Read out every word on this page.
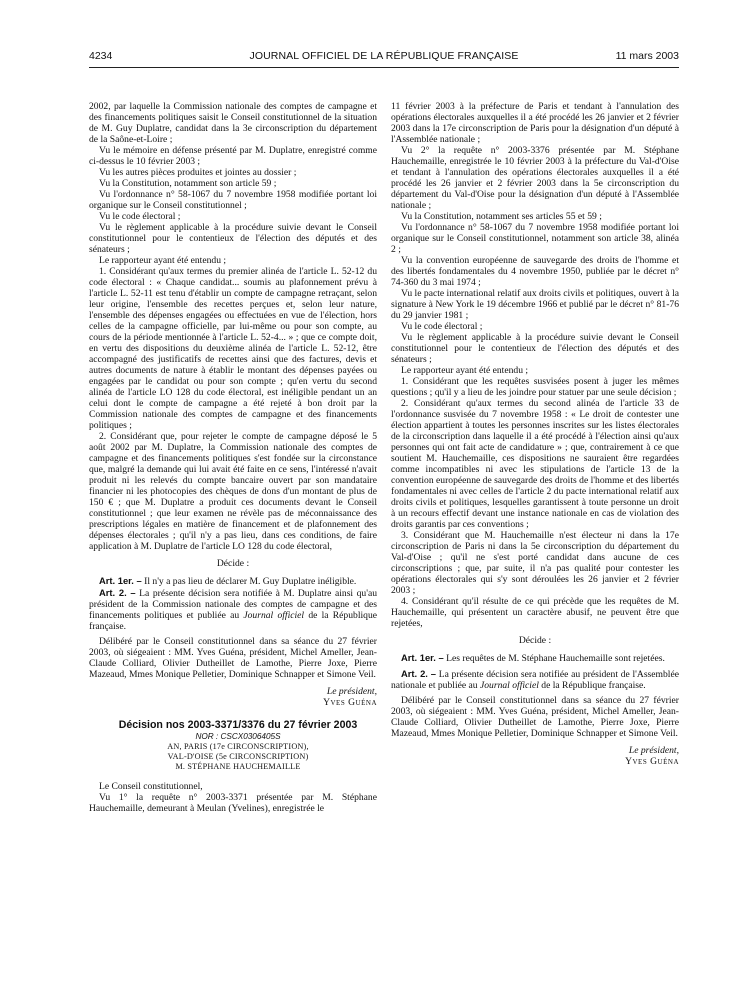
4234	JOURNAL OFFICIEL DE LA RÉPUBLIQUE FRANÇAISE	11 mars 2003

2002, par laquelle la Commission nationale des comptes de campagne et des financements politiques saisit le Conseil constitutionnel de la situation de M. Guy Duplatre, candidat dans la 3e circonscription du département de la Saône-et-Loire ;

Vu le mémoire en défense présenté par M. Duplatre, enregistré comme ci-dessus le 10 février 2003 ;

Vu les autres pièces produites et jointes au dossier ;

Vu la Constitution, notamment son article 59 ;

Vu l'ordonnance n° 58-1067 du 7 novembre 1958 modifiée portant loi organique sur le Conseil constitutionnel ;

Vu le code électoral ;

Vu le règlement applicable à la procédure suivie devant le Conseil constitutionnel pour le contentieux de l'élection des députés et des sénateurs ;

Le rapporteur ayant été entendu ;

1. Considérant qu'aux termes du premier alinéa de l'article L. 52-12 du code électoral : « Chaque candidat... soumis au plafonnement prévu à l'article L. 52-11 est tenu d'établir un compte de campagne retraçant, selon leur origine, l'ensemble des recettes perçues et, selon leur nature, l'ensemble des dépenses engagées ou effectuées en vue de l'élection, hors celles de la campagne officielle, par lui-même ou pour son compte, au cours de la période mentionnée à l'article L. 52-4... » ; que ce compte doit, en vertu des dispositions du deuxième alinéa de l'article L. 52-12, être accompagné des justificatifs de recettes ainsi que des factures, devis et autres documents de nature à établir le montant des dépenses payées ou engagées par le candidat ou pour son compte ; qu'en vertu du second alinéa de l'article LO 128 du code électoral, est inéligible pendant un an celui dont le compte de campagne a été rejeté à bon droit par la Commission nationale des comptes de campagne et des financements politiques ;

2. Considérant que, pour rejeter le compte de campagne déposé le 5 août 2002 par M. Duplatre, la Commission nationale des comptes de campagne et des financements politiques s'est fondée sur la circonstance que, malgré la demande qui lui avait été faite en ce sens, l'intéressé n'avait produit ni les relevés du compte bancaire ouvert par son mandataire financier ni les photocopies des chèques de dons d'un montant de plus de 150 € ; que M. Duplatre a produit ces documents devant le Conseil constitutionnel ; que leur examen ne révèle pas de méconnaissance des prescriptions légales en matière de financement et de plafonnement des dépenses électorales ; qu'il n'y a pas lieu, dans ces conditions, de faire application à M. Duplatre de l'article LO 128 du code électoral,

Décide :

Art. 1er. – Il n'y a pas lieu de déclarer M. Guy Duplatre inéligible.

Art. 2. – La présente décision sera notifiée à M. Duplatre ainsi qu'au président de la Commission nationale des comptes de campagne et des financements politiques et publiée au Journal officiel de la République française.

Délibéré par le Conseil constitutionnel dans sa séance du 27 février 2003, où siégeaient : MM. Yves Guéna, président, Michel Ameller, Jean-Claude Colliard, Olivier Dutheillet de Lamothe, Pierre Joxe, Pierre Mazeaud, Mmes Monique Pelletier, Dominique Schnapper et Simone Veil.

Le président,

Yves Guéna

Décision nos 2003-3371/3376 du 27 février 2003

NOR : CSCX0306405S

AN, PARIS (17e CIRCONSCRIPTION),

VAL-D'OISE (5e CIRCONSCRIPTION)

M. STÉPHANE HAUCHEMAILLE

Le Conseil constitutionnel,

Vu 1° la requête n° 2003-3371 présentée par M. Stéphane Hauchemaille, demeurant à Meulan (Yvelines), enregistrée le

11 février 2003 à la préfecture de Paris et tendant à l'annulation des opérations électorales auxquelles il a été procédé les 26 janvier et 2 février 2003 dans la 17e circonscription de Paris pour la désignation d'un député à l'Assemblée nationale ;

Vu 2° la requête n° 2003-3376 présentée par M. Stéphane Hauchemaille, enregistrée le 10 février 2003 à la préfecture du Val-d'Oise et tendant à l'annulation des opérations électorales auxquelles il a été procédé les 26 janvier et 2 février 2003 dans la 5e circonscription du département du Val-d'Oise pour la désignation d'un député à l'Assemblée nationale ;

Vu la Constitution, notamment ses articles 55 et 59 ;

Vu l'ordonnance n° 58-1067 du 7 novembre 1958 modifiée portant loi organique sur le Conseil constitutionnel, notamment son article 38, alinéa 2 ;

Vu la convention européenne de sauvegarde des droits de l'homme et des libertés fondamentales du 4 novembre 1950, publiée par le décret n° 74-360 du 3 mai 1974 ;

Vu le pacte international relatif aux droits civils et politiques, ouvert à la signature à New York le 19 décembre 1966 et publié par le décret n° 81-76 du 29 janvier 1981 ;

Vu le code électoral ;

Vu le règlement applicable à la procédure suivie devant le Conseil constitutionnel pour le contentieux de l'élection des députés et des sénateurs ;

Le rapporteur ayant été entendu ;

1. Considérant que les requêtes susvisées posent à juger les mêmes questions ; qu'il y a lieu de les joindre pour statuer par une seule décision ;

2. Considérant qu'aux termes du second alinéa de l'article 33 de l'ordonnance susvisée du 7 novembre 1958 : « Le droit de contester une élection appartient à toutes les personnes inscrites sur les listes électorales de la circonscription dans laquelle il a été procédé à l'élection ainsi qu'aux personnes qui ont fait acte de candidature » ; que, contrairement à ce que soutient M. Hauchemaille, ces dispositions ne sauraient être regardées comme incompatibles ni avec les stipulations de l'article 13 de la convention européenne de sauvegarde des droits de l'homme et des libertés fondamentales ni avec celles de l'article 2 du pacte international relatif aux droits civils et politiques, lesquelles garantissent à toute personne un droit à un recours effectif devant une instance nationale en cas de violation des droits garantis par ces conventions ;

3. Considérant que M. Hauchemaille n'est électeur ni dans la 17e circonscription de Paris ni dans la 5e circonscription du département du Val-d'Oise ; qu'il ne s'est porté candidat dans aucune de ces circonscriptions ; que, par suite, il n'a pas qualité pour contester les opérations électorales qui s'y sont déroulées les 26 janvier et 2 février 2003 ;

4. Considérant qu'il résulte de ce qui précède que les requêtes de M. Hauchemaille, qui présentent un caractère abusif, ne peuvent être que rejetées,

Décide :

Art. 1er. – Les requêtes de M. Stéphane Hauchemaille sont rejetées.

Art. 2. – La présente décision sera notifiée au président de l'Assemblée nationale et publiée au Journal officiel de la République française.

Délibéré par le Conseil constitutionnel dans sa séance du 27 février 2003, où siégeaient : MM. Yves Guéna, président, Michel Ameller, Jean-Claude Colliard, Olivier Dutheillet de Lamothe, Pierre Joxe, Pierre Mazeaud, Mmes Monique Pelletier, Dominique Schnapper et Simone Veil.

Le président,

Yves Guéna
